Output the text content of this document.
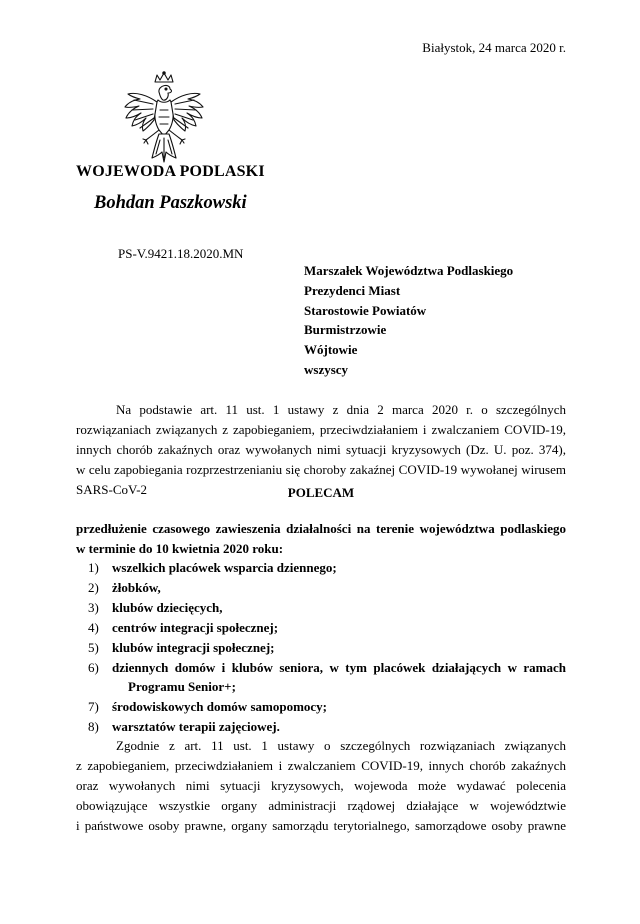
Białystok, 24 marca 2020 r.
WOJEWODA PODLASKI
Bohdan Paszkowski
PS-V.9421.18.2020.MN
Marszałek Województwa Podlaskiego
Prezydenci Miast
Starostowie Powiatów
Burmistrzowie
Wójtowie
wszyscy
Na podstawie art. 11 ust. 1 ustawy z dnia 2 marca 2020 r. o szczególnych
rozwiązaniach związanych z zapobieganiem, przeciwdziałaniem i zwalczaniem COVID-19,
innych chorób zakaźnych oraz wywołanych nimi sytuacji kryzysowych (Dz. U. poz. 374),
w celu zapobiegania rozprzestrzenianiu się choroby zakaźnej COVID-19 wywołanej wirusem
SARS-CoV-2	POLECAM
przedłużenie czasowego zawieszenia działalności na terenie województwa podlaskiego
w terminie do 10 kwietnia 2020 roku:
1)	wszelkich placówek wsparcia dziennego;
2)	żłobków,
3)	klubów dziecięcych,
4)	centrów integracji społecznej;
5)	klubów integracji społecznej;
6)	dziennych domów i klubów seniora, w tym placówek działających w ramach
Programu Senior+;
7)	środowiskowych domów samopomocy;
8)	warsztatów terapii zajęciowej.
Zgodnie z art. 11 ust. 1 ustawy o szczególnych rozwiązaniach związanych
z zapobieganiem, przeciwdziałaniem i zwalczaniem COVID-19, innych chorób zakaźnych
oraz wywołanych nimi sytuacji kryzysowych, wojewoda może wydawać polecenia
obowiązujące wszystkie organy administracji rządowej działające w województwie
i państwowe osoby prawne, organy samorządu terytorialnego, samorządowe osoby prawne
